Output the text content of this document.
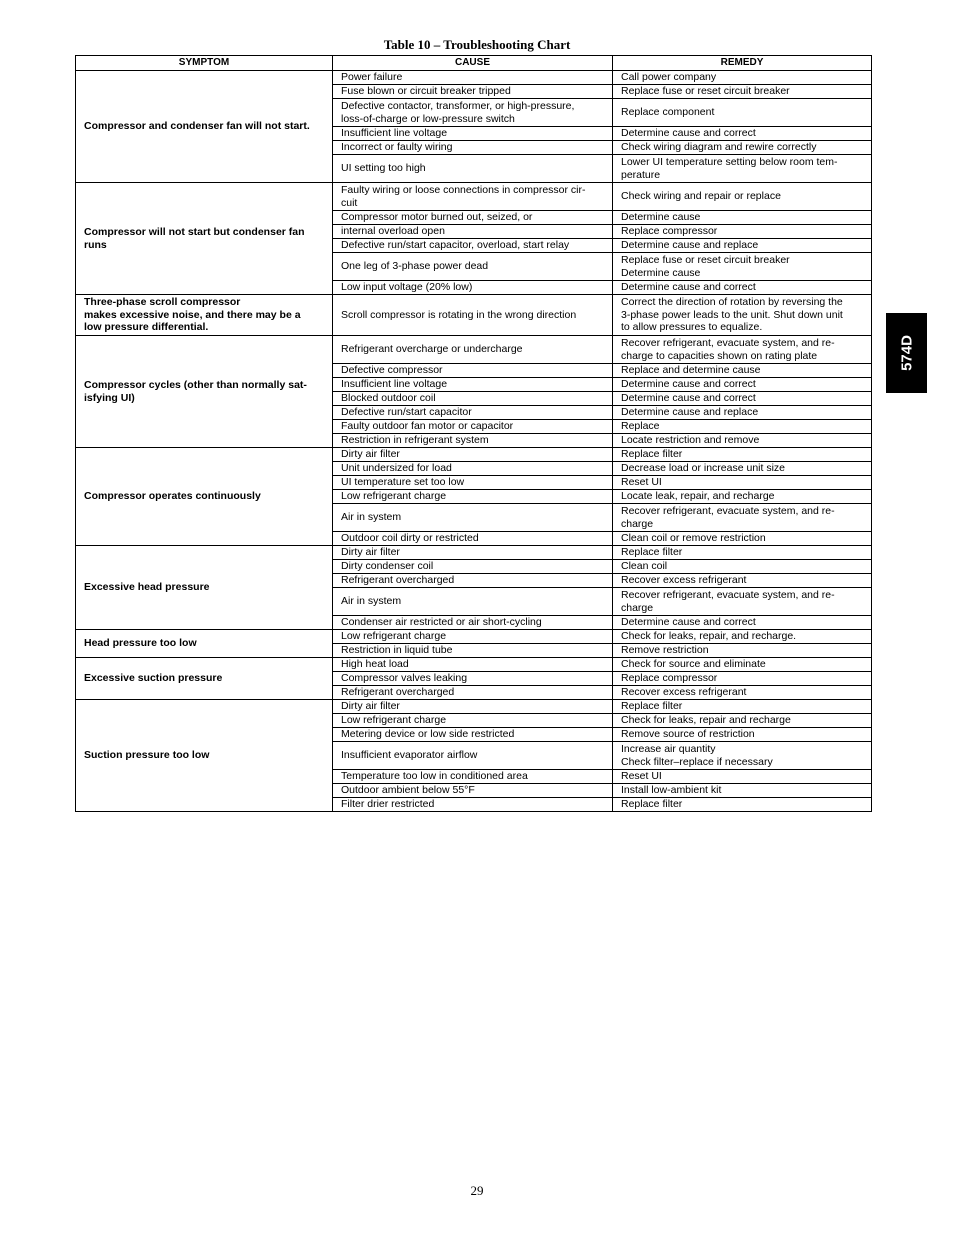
Table 10 – Troubleshooting Chart
SYMPTOM	CAUSE	REMEDY

Compressor and condenser fan will not start.	Power failure	Call power company

	Fuse blown or circuit breaker tripped	Replace fuse or reset circuit breaker

	Defective contactor, transformer, or high-pressure,
loss-of-charge or low-pressure switch	Replace component

	Insufficient line voltage	Determine cause and correct

	Incorrect or faulty wiring	Check wiring diagram and rewire correctly

	UI setting too high	Lower UI temperature setting below room tem-
perature

Compressor will not start but condenser fan
runs	Faulty wiring or loose connections in compressor cir-
cuit	Check wiring and repair or replace

	Compressor motor burned out, seized, or	Determine cause

	internal overload open	Replace compressor

	Defective run/start capacitor, overload, start relay	Determine cause and replace

	One leg of 3-phase power dead	Replace fuse or reset circuit breaker
Determine cause

	Low input voltage (20% low)	Determine cause and correct

Three-phase scroll compressor
makes excessive noise, and there may be a
low pressure differential.	Scroll compressor is rotating in the wrong direction	Correct the direction of rotation by reversing the
3-phase power leads to the unit. Shut down unit
to allow pressures to equalize.

Compressor cycles (other than normally sat-
isfying UI)	Refrigerant overcharge or undercharge	Recover refrigerant, evacuate system, and re-
charge to capacities shown on rating plate

	Defective compressor	Replace and determine cause

	Insufficient line voltage	Determine cause and correct

	Blocked outdoor coil	Determine cause and correct

	Defective run/start capacitor	Determine cause and replace

	Faulty outdoor fan motor or capacitor	Replace

	Restriction in refrigerant system	Locate restriction and remove

Compressor operates continuously	Dirty air filter	Replace filter

	Unit undersized for load	Decrease load or increase unit size

	UI temperature set too low	Reset UI

	Low refrigerant charge	Locate leak, repair, and recharge

	Air in system	Recover refrigerant, evacuate system, and re-
charge

	Outdoor coil dirty or restricted	Clean coil or remove restriction

Excessive head pressure	Dirty air filter	Replace filter

	Dirty condenser coil	Clean coil

	Refrigerant overcharged	Recover excess refrigerant

	Air in system	Recover refrigerant, evacuate system, and re-
charge

	Condenser air restricted or air short-cycling	Determine cause and correct

Head pressure too low	Low refrigerant charge	Check for leaks, repair, and recharge.

	Restriction in liquid tube	Remove restriction

Excessive suction pressure	High heat load	Check for source and eliminate

	Compressor valves leaking	Replace compressor

	Refrigerant overcharged	Recover excess refrigerant

Suction pressure too low	Dirty air filter	Replace filter

	Low refrigerant charge	Check for leaks, repair and recharge

	Metering device or low side restricted	Remove source of restriction

	Insufficient evaporator airflow	Increase air quantity
Check filter–replace if necessary

	Temperature too low in conditioned area	Reset UI

	Outdoor ambient below 55°F	Install low-ambient kit

	Filter drier restricted	Replace filter
574D
29
